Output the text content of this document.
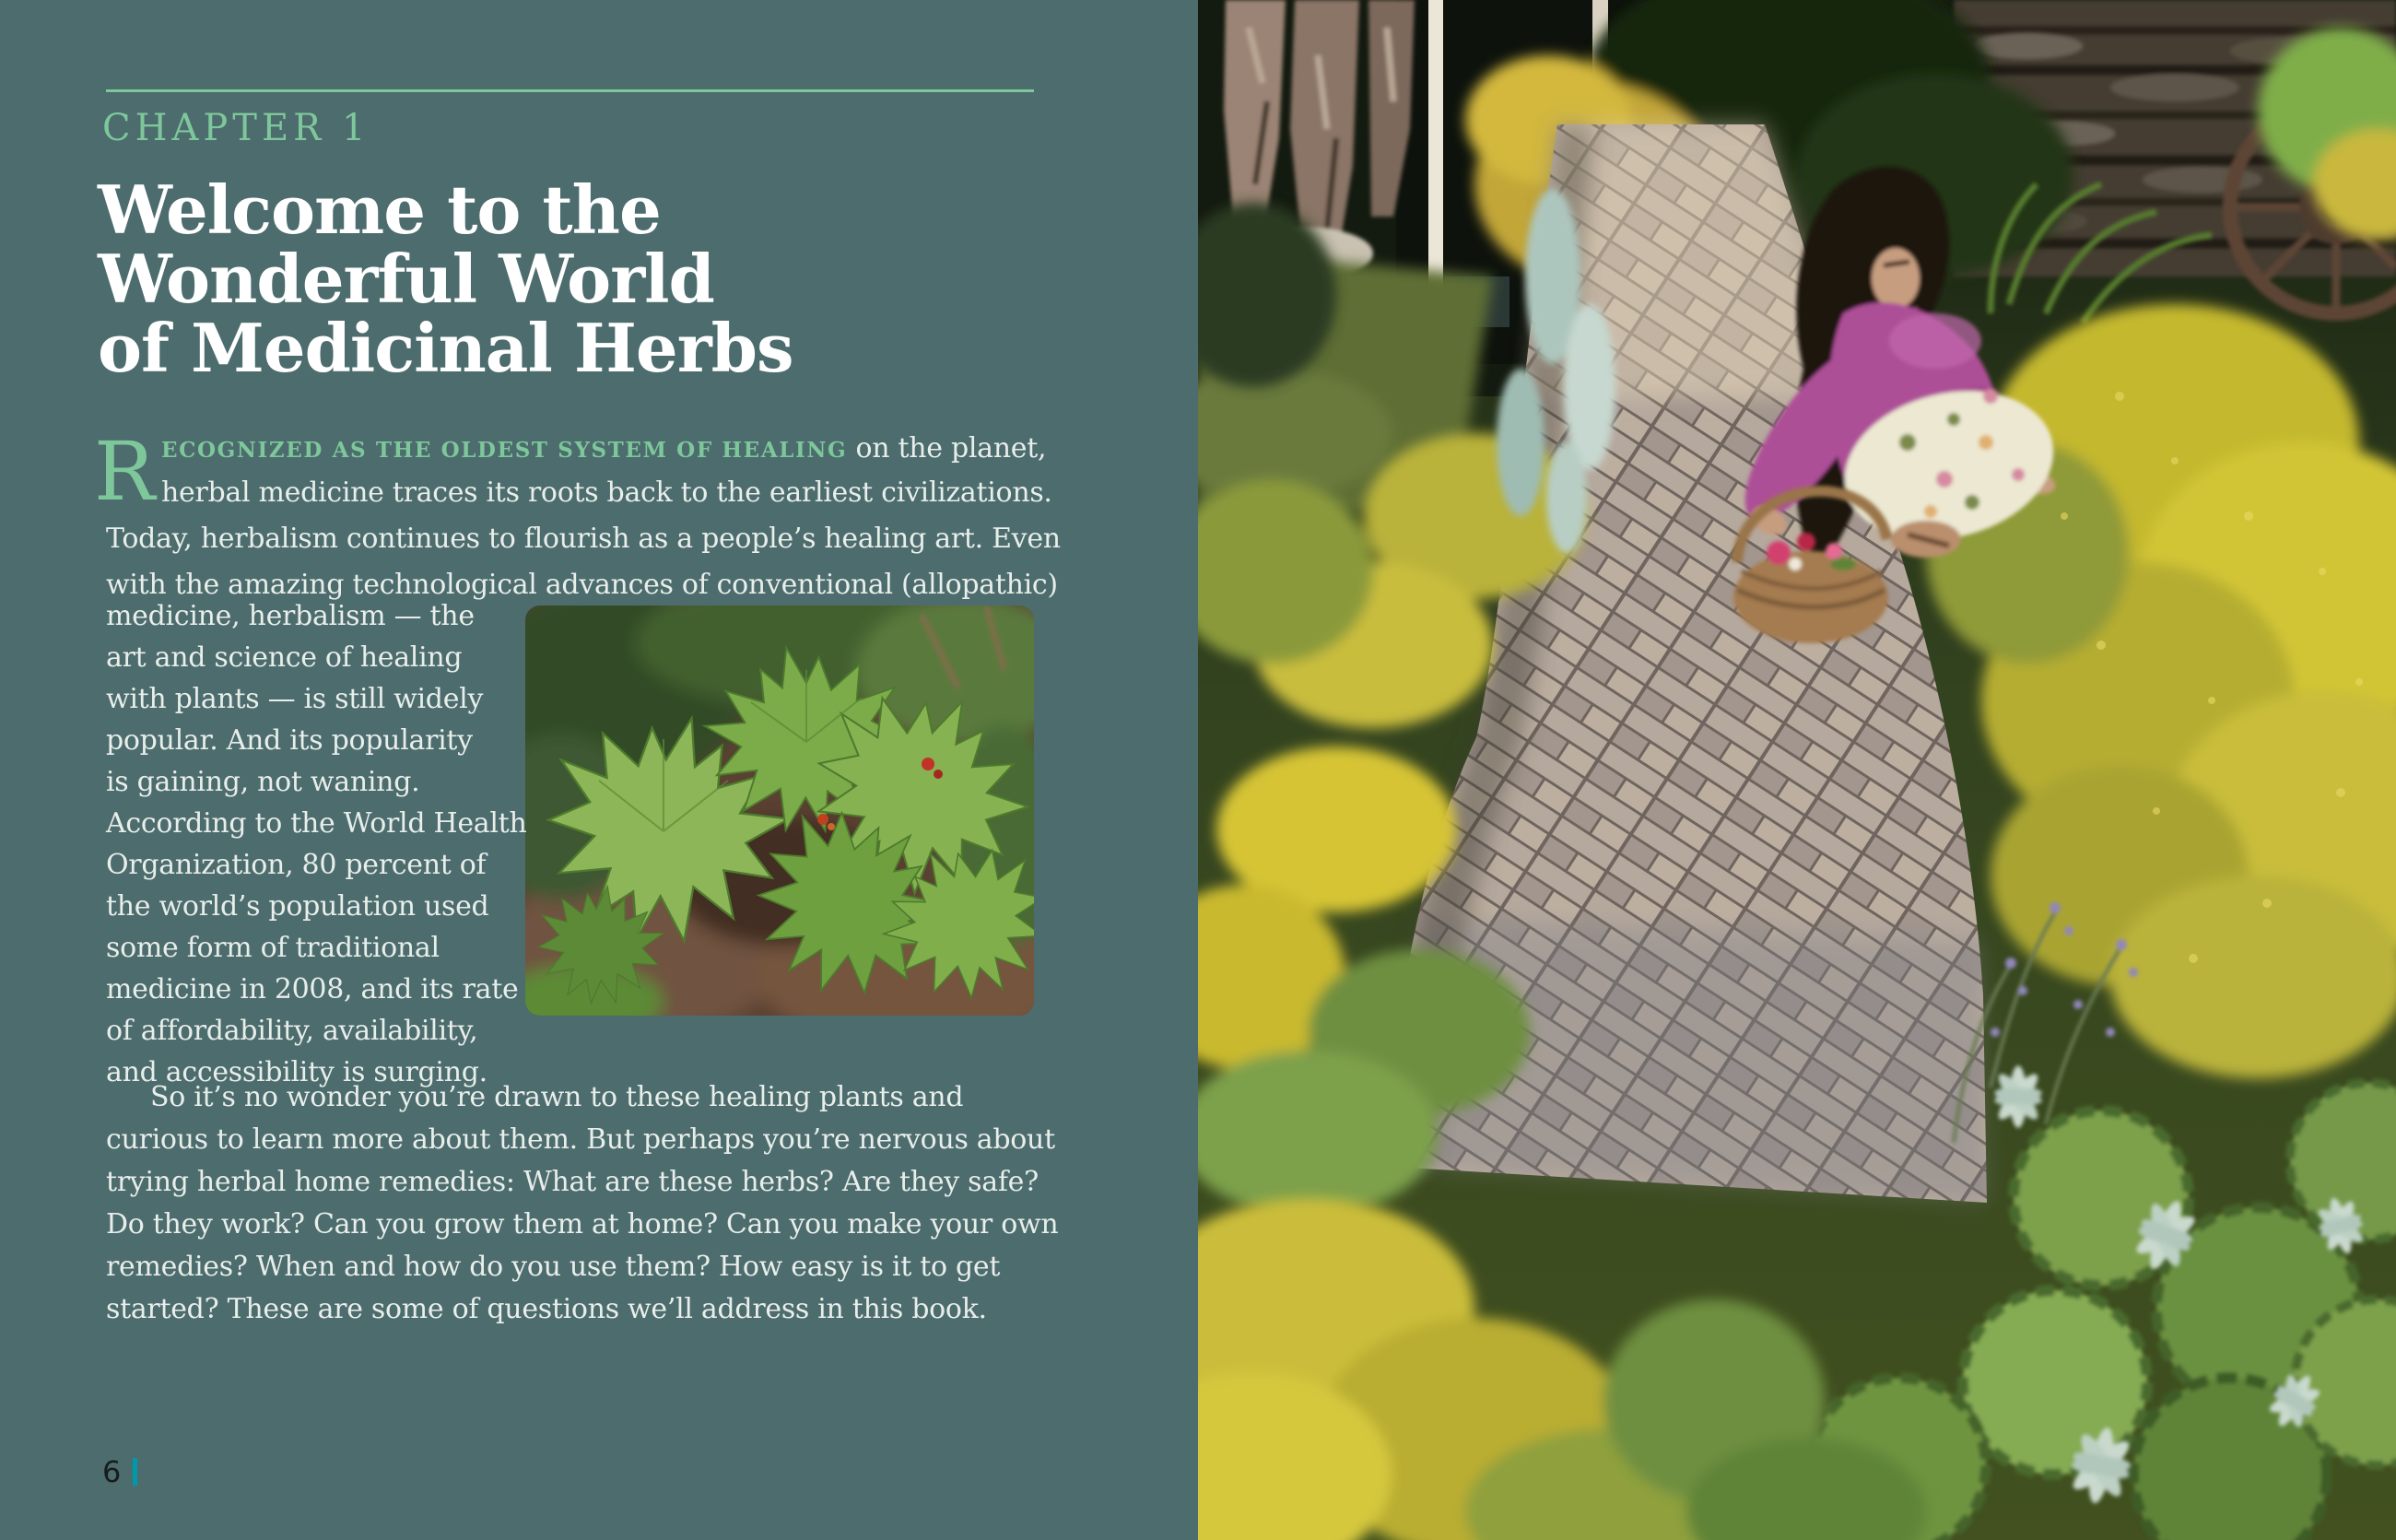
CHAPTER 1
Welcome to the
Wonderful World
of Medicinal Herbs
R ECOGNIZED AS THE OLDEST SYSTEM OF HEALING on the planet,
herbal medicine traces its roots back to the earliest civilizations.
Today, herbalism continues to flourish as a people’s healing art. Even
with the amazing technological advances of conventional (allopathic)
medicine, herbalism — the
art and science of healing
with plants — is still widely
popular. And its popularity
is gaining, not waning.
According to the World Health
Organization, 80 percent of
the world’s population used
some form of traditional
medicine in 2008, and its rate
of affordability, availability,
and accessibility is surging.
So it’s no wonder you’re drawn to these healing plants and
curious to learn more about them. But perhaps you’re nervous about
trying herbal home remedies: What are these herbs? Are they safe?
Do they work? Can you grow them at home? Can you make your own
remedies? When and how do you use them? How easy is it to get
started? These are some of questions we’ll address in this book.
6
